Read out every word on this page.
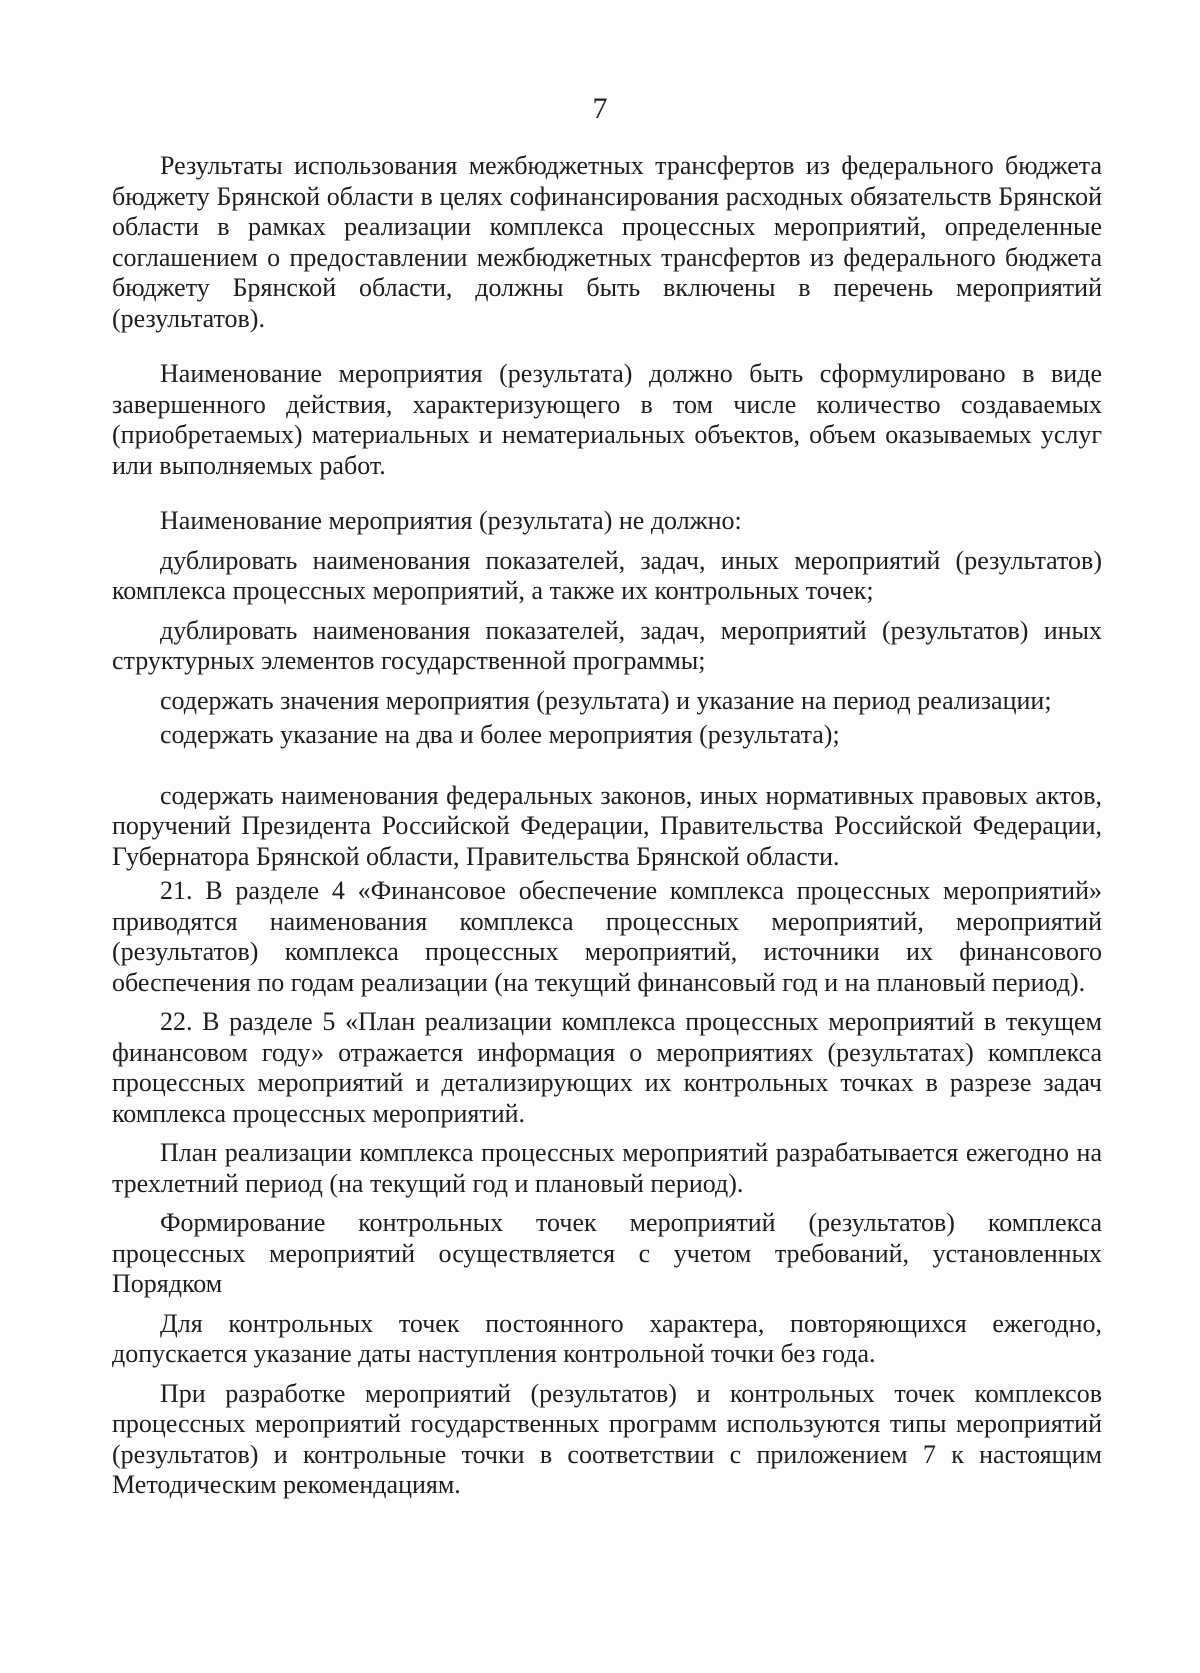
7

Результаты использования межбюджетных трансфертов из федерального бюджета бюджету Брянской области в целях софинансирования расходных обязательств Брянской области в рамках реализации комплекса процессных мероприятий, определенные соглашением о предоставлении межбюджетных трансфертов из федерального бюджета бюджету Брянской области, должны быть включены в перечень мероприятий (результатов).

Наименование мероприятия (результата) должно быть сформулировано в виде завершенного действия, характеризующего в том числе количество создаваемых (приобретаемых) материальных и нематериальных объектов, объем оказываемых услуг или выполняемых работ.

Наименование мероприятия (результата) не должно:

дублировать наименования показателей, задач, иных мероприятий (результатов) комплекса процессных мероприятий, а также их контрольных точек;

дублировать наименования показателей, задач, мероприятий (результатов) иных структурных элементов государственной программы;

содержать значения мероприятия (результата) и указание на период реализации;

содержать указание на два и более мероприятия (результата);

содержать наименования федеральных законов, иных нормативных правовых актов, поручений Президента Российской Федерации, Правительства Российской Федерации, Губернатора Брянской области, Правительства Брянской области.

21. В разделе 4 «Финансовое обеспечение комплекса процессных мероприятий» приводятся наименования комплекса процессных мероприятий, мероприятий (результатов) комплекса процессных мероприятий, источники их финансового обеспечения по годам реализации (на текущий финансовый год и на плановый период).

22. В разделе 5 «План реализации комплекса процессных мероприятий в текущем финансовом году» отражается информация о мероприятиях (результатах) комплекса процессных мероприятий и детализирующих их контрольных точках в разрезе задач комплекса процессных мероприятий.

План реализации комплекса процессных мероприятий разрабатывается ежегодно на трехлетний период (на текущий год и плановый период).

Формирование контрольных точек мероприятий (результатов) комплекса процессных мероприятий осуществляется с учетом требований, установленных Порядком

Для контрольных точек постоянного характера, повторяющихся ежегодно, допускается указание даты наступления контрольной точки без года.

При разработке мероприятий (результатов) и контрольных точек комплексов процессных мероприятий государственных программ используются типы мероприятий (результатов) и контрольные точки в соответствии с приложением 7 к настоящим Методическим рекомендациям.
